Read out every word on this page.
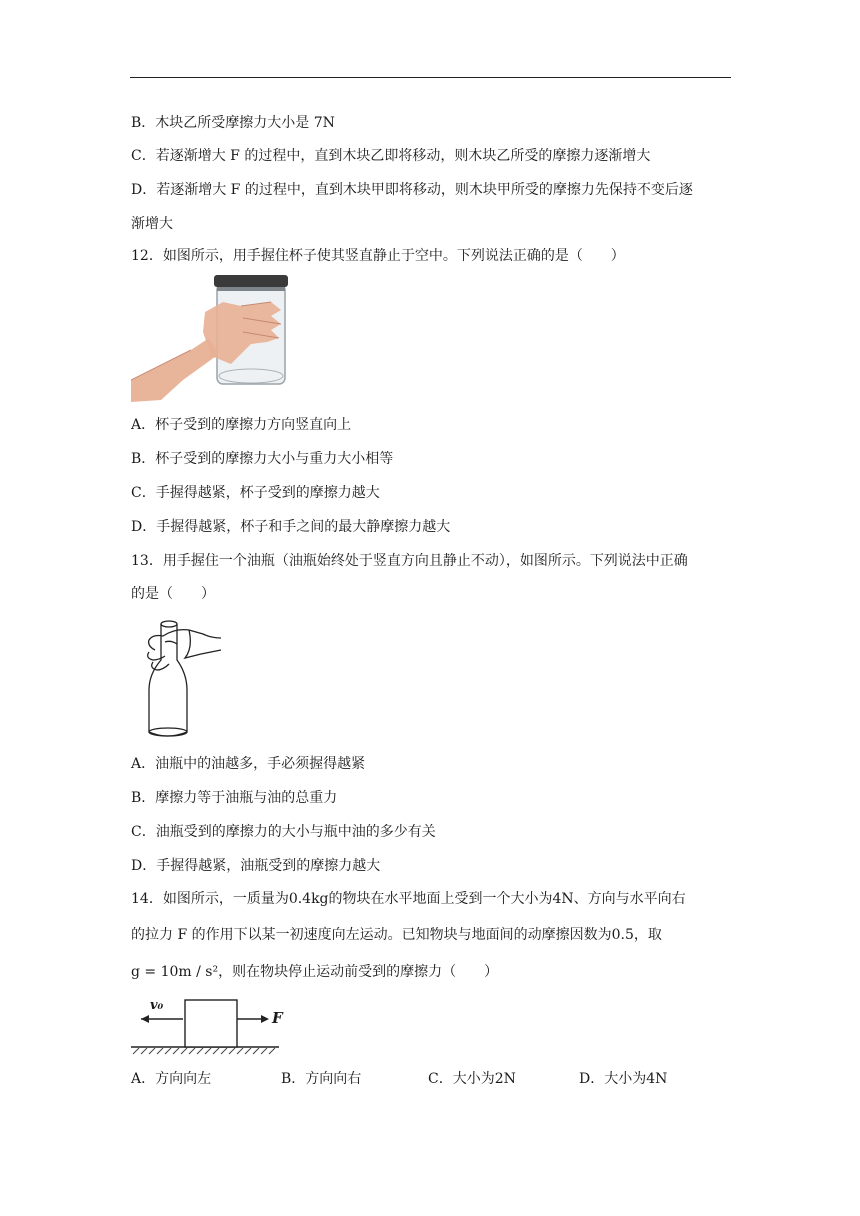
B．木块乙所受摩擦力大小是 7N
C．若逐渐增大 F 的过程中，直到木块乙即将移动，则木块乙所受的摩擦力逐渐增大
D．若逐渐增大 F 的过程中，直到木块甲即将移动，则木块甲所受的摩擦力先保持不变后逐
渐增大
12．如图所示，用手握住杯子使其竖直静止于空中。下列说法正确的是（　　）
A．杯子受到的摩擦力方向竖直向上
B．杯子受到的摩擦力大小与重力大小相等
C．手握得越紧，杯子受到的摩擦力越大
D．手握得越紧，杯子和手之间的最大静摩擦力越大
13．用手握住一个油瓶（油瓶始终处于竖直方向且静止不动），如图所示。下列说法中正确
的是（　　）
A．油瓶中的油越多，手必须握得越紧
B．摩擦力等于油瓶与油的总重力
C．油瓶受到的摩擦力的大小与瓶中油的多少有关
D．手握得越紧，油瓶受到的摩擦力越大
14．如图所示，一质量为0.4kg的物块在水平地面上受到一个大小为4N、方向与水平向右
的拉力 F 的作用下以某一初速度向左运动。已知物块与地面间的动摩擦因数为0.5，取
g = 10m / s²，则在物块停止运动前受到的摩擦力（　　）
v₀
F
A．方向向左	B．方向向右	C．大小为2N	D．大小为4N
